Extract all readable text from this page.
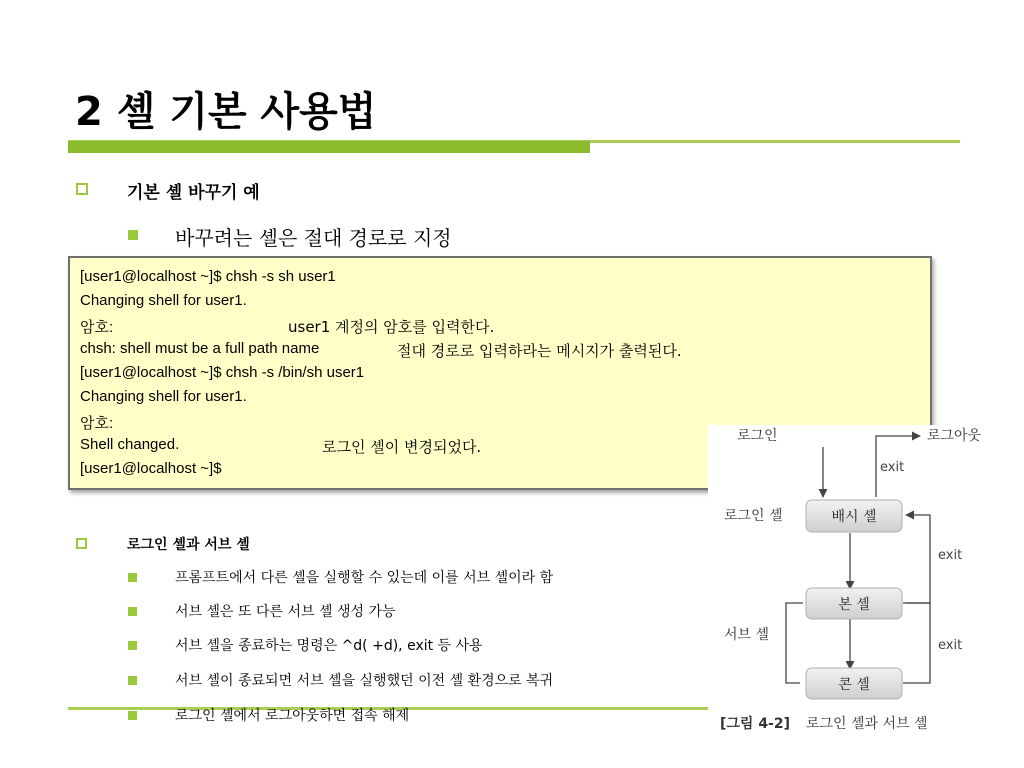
2 셸 기본 사용법
기본 셸 바꾸기 예
바꾸려는 셸은 절대 경로로 지정
[user1@localhost ~]$ chsh -s sh user1
Changing shell for user1.
암호:
chsh: shell must be a full path name
[user1@localhost ~]$ chsh -s /bin/sh user1
Changing shell for user1.
암호:
Shell changed.
[user1@localhost ~]$
user1 계정의 암호를 입력한다.
절대 경로로 입력하라는 메시지가 출력된다.
로그인 셸이 변경되었다.
로그인 셸과 서브 셸
프롬프트에서 다른 셸을 실행할 수 있는데 이를 서브 셸이라 함
서브 셸은 또 다른 서브 셸 생성 가능
서브 셸을 종료하는 명령은 ^d( +d), exit 등 사용
서브 셸이 종료되면 서브 셸을 실행했던 이전 셸 환경으로 복귀
로그인 셸에서 로그아웃하면 접속 해제
로그인	로그아웃
exit
로그인 셸
exit
서브 셸
exit
배시 셸
본 셸
콘 셸
[그림 4-2] 로그인 셸과 서브 셸
